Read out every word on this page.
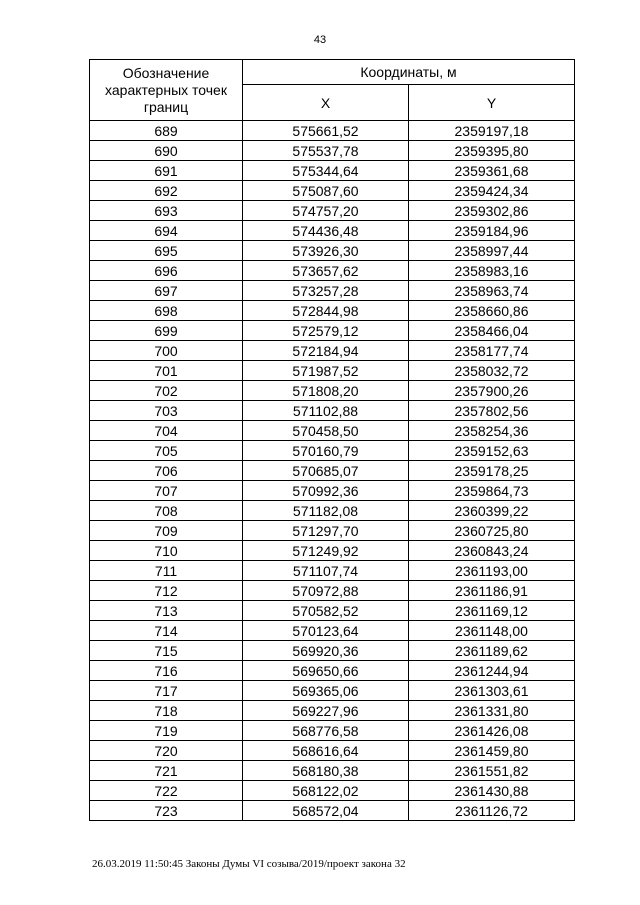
43
Обозначение характерных точек границ	Координаты, м	
	X	Y
689	575661,52	2359197,18
690	575537,78	2359395,80
691	575344,64	2359361,68
692	575087,60	2359424,34
693	574757,20	2359302,86
694	574436,48	2359184,96
695	573926,30	2358997,44
696	573657,62	2358983,16
697	573257,28	2358963,74
698	572844,98	2358660,86
699	572579,12	2358466,04
700	572184,94	2358177,74
701	571987,52	2358032,72
702	571808,20	2357900,26
703	571102,88	2357802,56
704	570458,50	2358254,36
705	570160,79	2359152,63
706	570685,07	2359178,25
707	570992,36	2359864,73
708	571182,08	2360399,22
709	571297,70	2360725,80
710	571249,92	2360843,24
711	571107,74	2361193,00
712	570972,88	2361186,91
713	570582,52	2361169,12
714	570123,64	2361148,00
715	569920,36	2361189,62
716	569650,66	2361244,94
717	569365,06	2361303,61
718	569227,96	2361331,80
719	568776,58	2361426,08
720	568616,64	2361459,80
721	568180,38	2361551,82
722	568122,02	2361430,88
723	568572,04	2361126,72
26.03.2019 11:50:45 Законы Думы VI созыва/2019/проект закона 32
